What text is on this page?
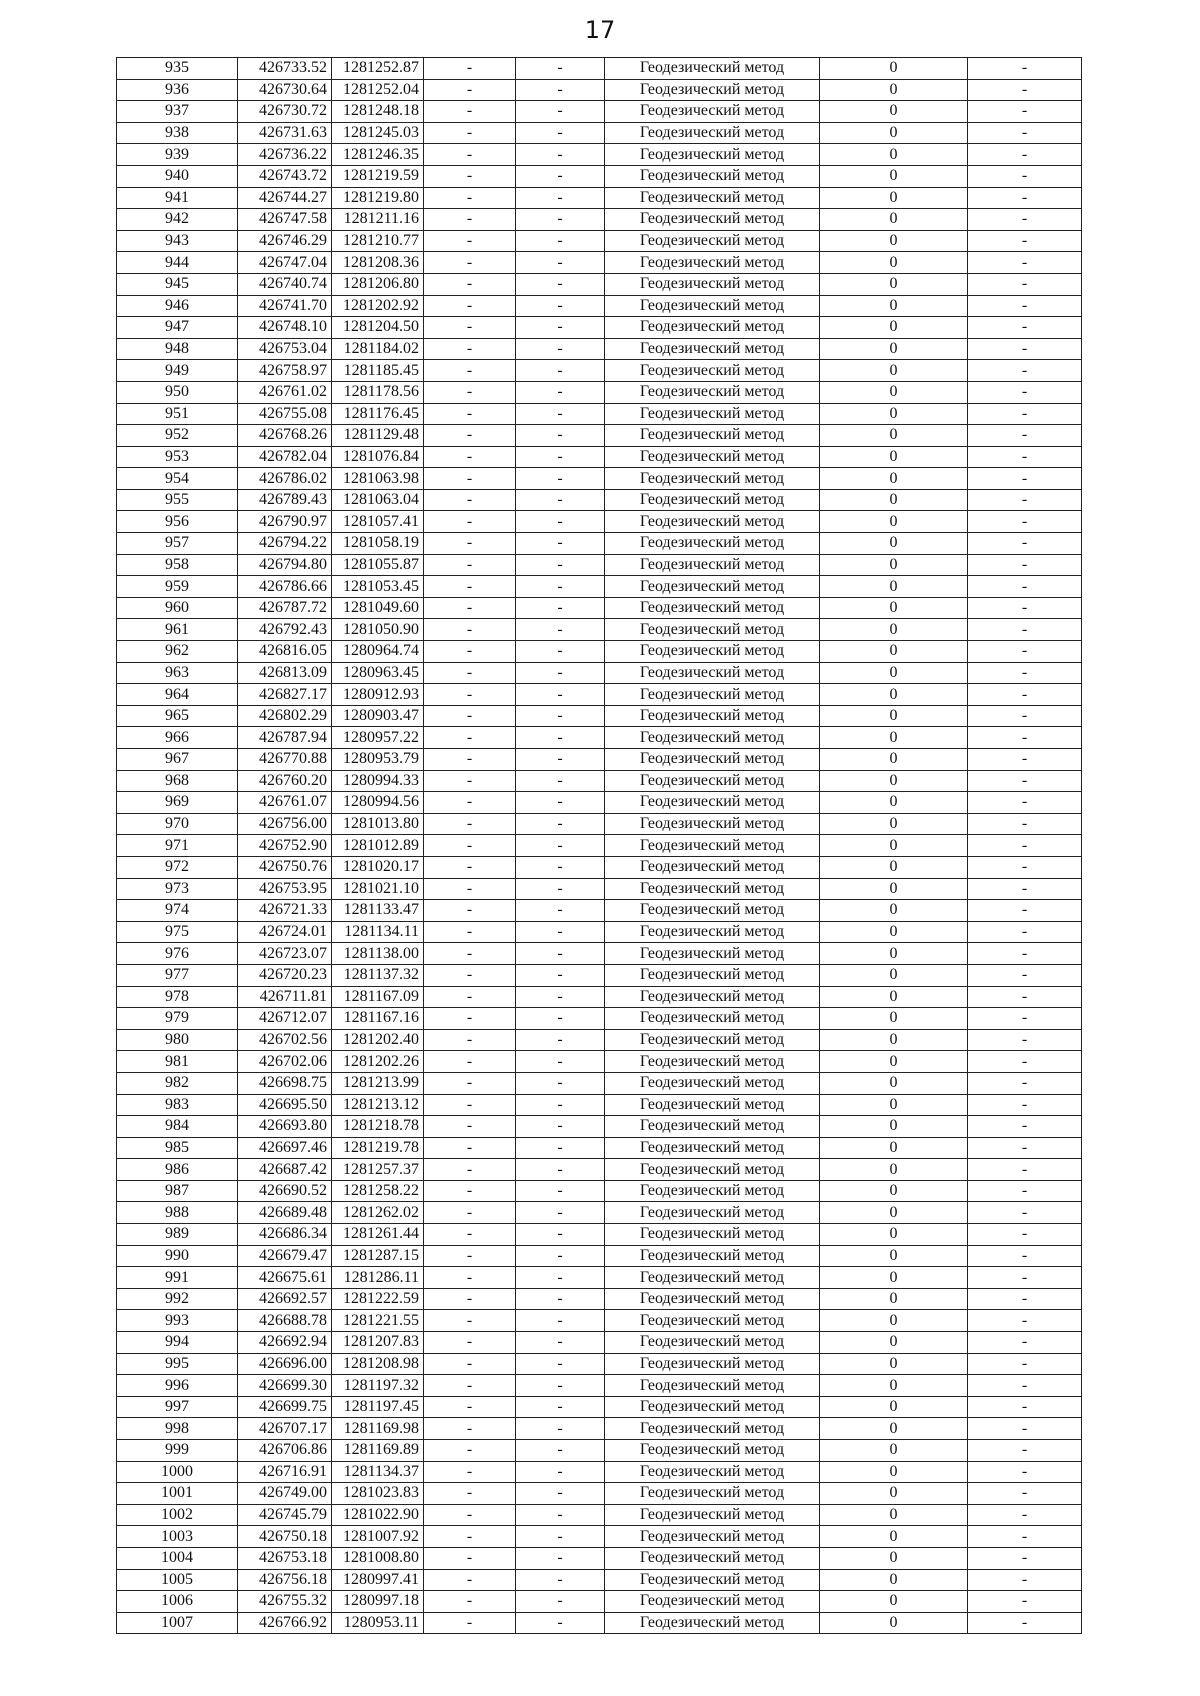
17
935	426733.52	1281252.87	-	-	Геодезический метод	0	-
936	426730.64	1281252.04	-	-	Геодезический метод	0	-
937	426730.72	1281248.18	-	-	Геодезический метод	0	-
938	426731.63	1281245.03	-	-	Геодезический метод	0	-
939	426736.22	1281246.35	-	-	Геодезический метод	0	-
940	426743.72	1281219.59	-	-	Геодезический метод	0	-
941	426744.27	1281219.80	-	-	Геодезический метод	0	-
942	426747.58	1281211.16	-	-	Геодезический метод	0	-
943	426746.29	1281210.77	-	-	Геодезический метод	0	-
944	426747.04	1281208.36	-	-	Геодезический метод	0	-
945	426740.74	1281206.80	-	-	Геодезический метод	0	-
946	426741.70	1281202.92	-	-	Геодезический метод	0	-
947	426748.10	1281204.50	-	-	Геодезический метод	0	-
948	426753.04	1281184.02	-	-	Геодезический метод	0	-
949	426758.97	1281185.45	-	-	Геодезический метод	0	-
950	426761.02	1281178.56	-	-	Геодезический метод	0	-
951	426755.08	1281176.45	-	-	Геодезический метод	0	-
952	426768.26	1281129.48	-	-	Геодезический метод	0	-
953	426782.04	1281076.84	-	-	Геодезический метод	0	-
954	426786.02	1281063.98	-	-	Геодезический метод	0	-
955	426789.43	1281063.04	-	-	Геодезический метод	0	-
956	426790.97	1281057.41	-	-	Геодезический метод	0	-
957	426794.22	1281058.19	-	-	Геодезический метод	0	-
958	426794.80	1281055.87	-	-	Геодезический метод	0	-
959	426786.66	1281053.45	-	-	Геодезический метод	0	-
960	426787.72	1281049.60	-	-	Геодезический метод	0	-
961	426792.43	1281050.90	-	-	Геодезический метод	0	-
962	426816.05	1280964.74	-	-	Геодезический метод	0	-
963	426813.09	1280963.45	-	-	Геодезический метод	0	-
964	426827.17	1280912.93	-	-	Геодезический метод	0	-
965	426802.29	1280903.47	-	-	Геодезический метод	0	-
966	426787.94	1280957.22	-	-	Геодезический метод	0	-
967	426770.88	1280953.79	-	-	Геодезический метод	0	-
968	426760.20	1280994.33	-	-	Геодезический метод	0	-
969	426761.07	1280994.56	-	-	Геодезический метод	0	-
970	426756.00	1281013.80	-	-	Геодезический метод	0	-
971	426752.90	1281012.89	-	-	Геодезический метод	0	-
972	426750.76	1281020.17	-	-	Геодезический метод	0	-
973	426753.95	1281021.10	-	-	Геодезический метод	0	-
974	426721.33	1281133.47	-	-	Геодезический метод	0	-
975	426724.01	1281134.11	-	-	Геодезический метод	0	-
976	426723.07	1281138.00	-	-	Геодезический метод	0	-
977	426720.23	1281137.32	-	-	Геодезический метод	0	-
978	426711.81	1281167.09	-	-	Геодезический метод	0	-
979	426712.07	1281167.16	-	-	Геодезический метод	0	-
980	426702.56	1281202.40	-	-	Геодезический метод	0	-
981	426702.06	1281202.26	-	-	Геодезический метод	0	-
982	426698.75	1281213.99	-	-	Геодезический метод	0	-
983	426695.50	1281213.12	-	-	Геодезический метод	0	-
984	426693.80	1281218.78	-	-	Геодезический метод	0	-
985	426697.46	1281219.78	-	-	Геодезический метод	0	-
986	426687.42	1281257.37	-	-	Геодезический метод	0	-
987	426690.52	1281258.22	-	-	Геодезический метод	0	-
988	426689.48	1281262.02	-	-	Геодезический метод	0	-
989	426686.34	1281261.44	-	-	Геодезический метод	0	-
990	426679.47	1281287.15	-	-	Геодезический метод	0	-
991	426675.61	1281286.11	-	-	Геодезический метод	0	-
992	426692.57	1281222.59	-	-	Геодезический метод	0	-
993	426688.78	1281221.55	-	-	Геодезический метод	0	-
994	426692.94	1281207.83	-	-	Геодезический метод	0	-
995	426696.00	1281208.98	-	-	Геодезический метод	0	-
996	426699.30	1281197.32	-	-	Геодезический метод	0	-
997	426699.75	1281197.45	-	-	Геодезический метод	0	-
998	426707.17	1281169.98	-	-	Геодезический метод	0	-
999	426706.86	1281169.89	-	-	Геодезический метод	0	-
1000	426716.91	1281134.37	-	-	Геодезический метод	0	-
1001	426749.00	1281023.83	-	-	Геодезический метод	0	-
1002	426745.79	1281022.90	-	-	Геодезический метод	0	-
1003	426750.18	1281007.92	-	-	Геодезический метод	0	-
1004	426753.18	1281008.80	-	-	Геодезический метод	0	-
1005	426756.18	1280997.41	-	-	Геодезический метод	0	-
1006	426755.32	1280997.18	-	-	Геодезический метод	0	-
1007	426766.92	1280953.11	-	-	Геодезический метод	0	-
